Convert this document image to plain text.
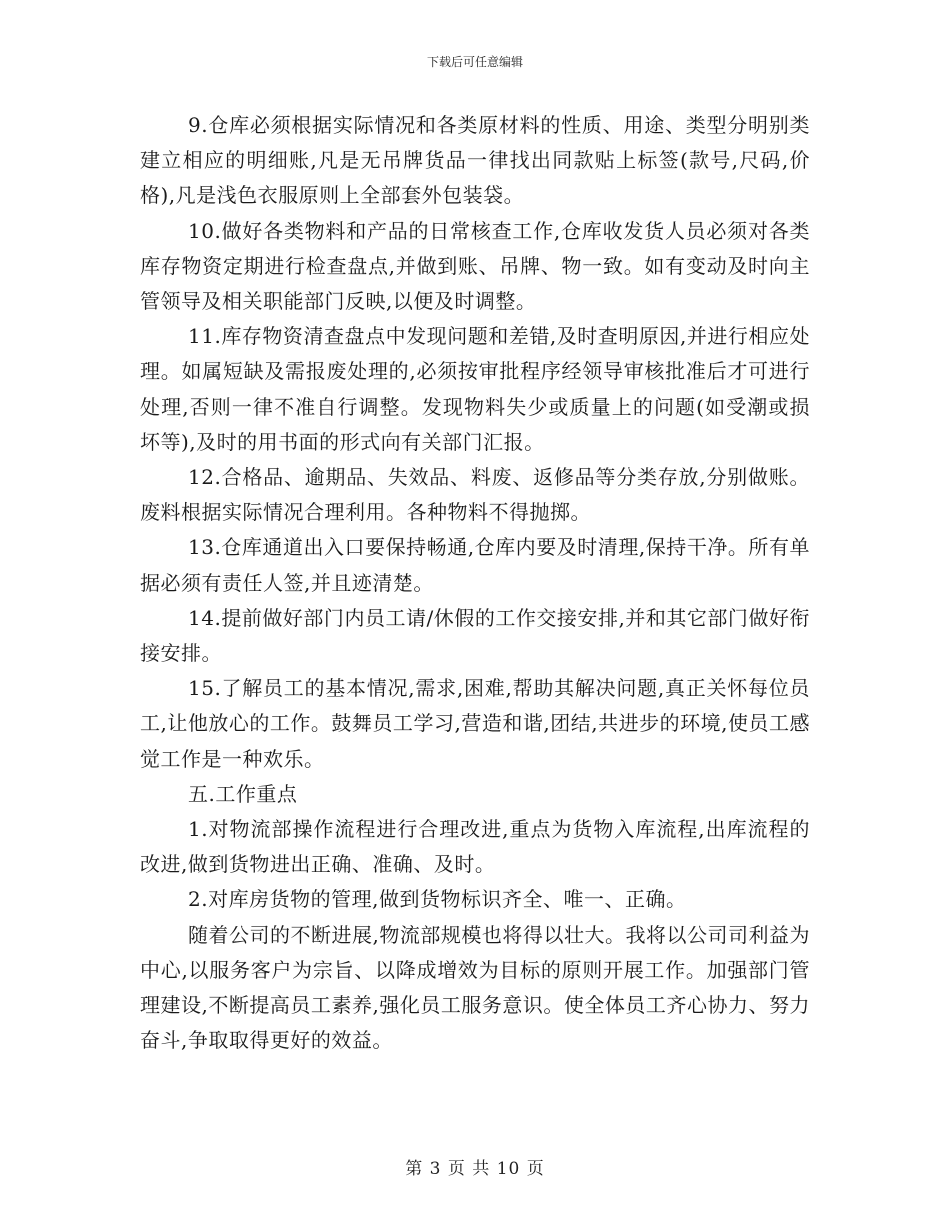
下载后可任意编辑

9.仓库必须根据实际情况和各类原材料的性质、用途、类型分明别类建立相应的明细账,凡是无吊牌货品一律找出同款贴上标签(款号,尺码,价格),凡是浅色衣服原则上全部套外包装袋。

10.做好各类物料和产品的日常核查工作,仓库收发货人员必须对各类库存物资定期进行检查盘点,并做到账、吊牌、物一致。如有变动及时向主管领导及相关职能部门反映,以便及时调整。

11.库存物资清查盘点中发现问题和差错,及时查明原因,并进行相应处理。如属短缺及需报废处理的,必须按审批程序经领导审核批准后才可进行处理,否则一律不准自行调整。发现物料失少或质量上的问题(如受潮或损坏等),及时的用书面的形式向有关部门汇报。

12.合格品、逾期品、失效品、料废、返修品等分类存放,分别做账。废料根据实际情况合理利用。各种物料不得抛掷。

13.仓库通道出入口要保持畅通,仓库内要及时清理,保持干净。所有单据必须有责任人签,并且迹清楚。

14.提前做好部门内员工请/休假的工作交接安排,并和其它部门做好衔接安排。

15.了解员工的基本情况,需求,困难,帮助其解决问题,真正关怀每位员工,让他放心的工作。鼓舞员工学习,营造和谐,团结,共进步的环境,使员工感觉工作是一种欢乐。

五.工作重点

1.对物流部操作流程进行合理改进,重点为货物入库流程,出库流程的改进,做到货物进出正确、准确、及时。

2.对库房货物的管理,做到货物标识齐全、唯一、正确。

随着公司的不断进展,物流部规模也将得以壮大。我将以公司司利益为中心,以服务客户为宗旨、以降成增效为目标的原则开展工作。加强部门管理建设,不断提高员工素养,强化员工服务意识。使全体员工齐心协力、努力奋斗,争取取得更好的效益。

第 3 页 共 10 页
